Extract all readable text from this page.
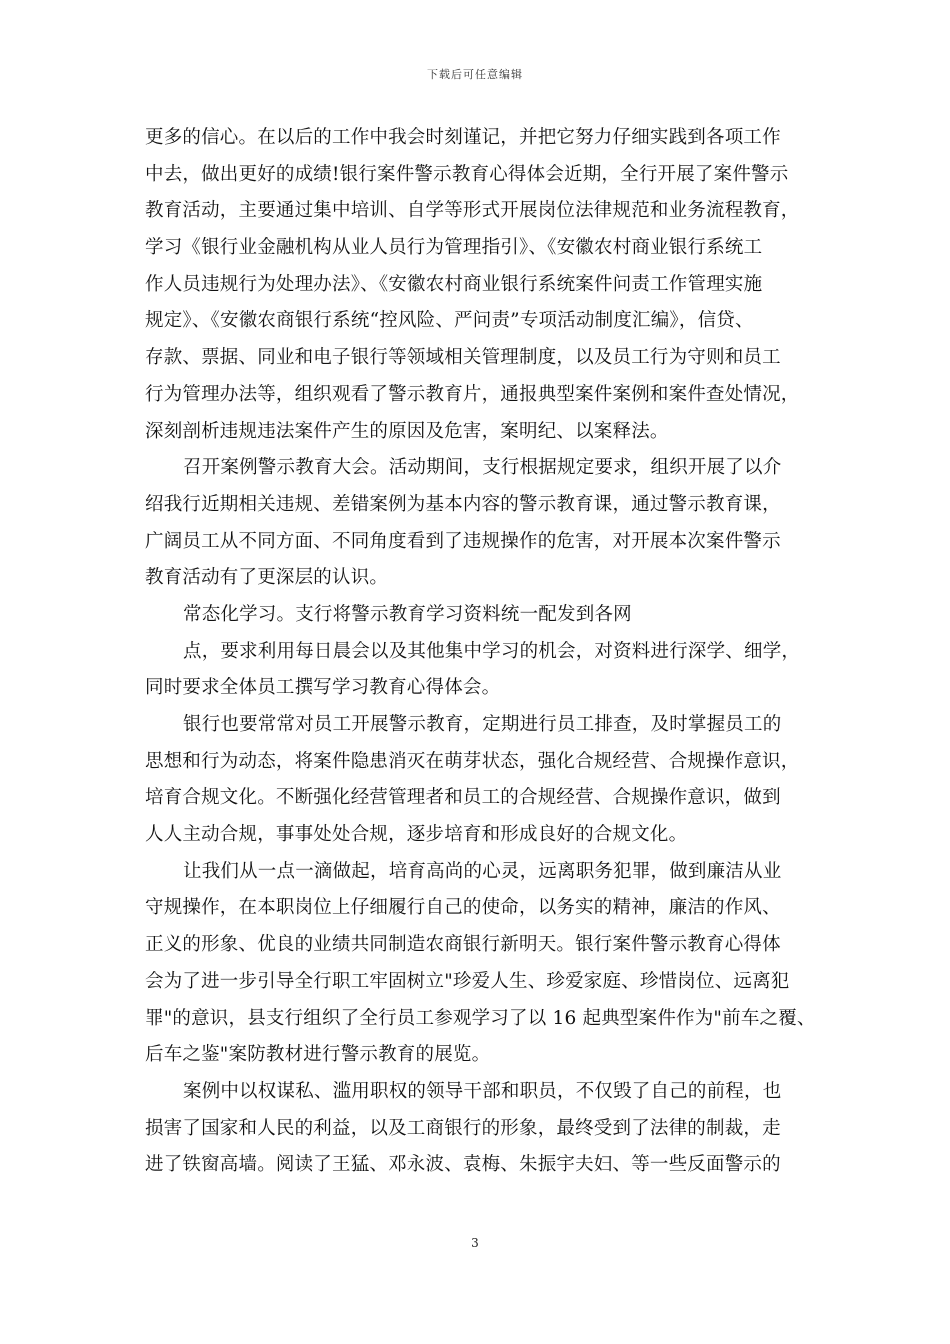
下载后可任意编辑
更多的信心。在以后的工作中我会时刻谨记，并把它努力仔细实践到各项工作
中去，做出更好的成绩!银行案件警示教育心得体会近期，全行开展了案件警示
教育活动，主要通过集中培训、自学等形式开展岗位法律规范和业务流程教育，
学习《银行业金融机构从业人员行为管理指引》、《安徽农村商业银行系统工
作人员违规行为处理办法》、《安徽农村商业银行系统案件问责工作管理实施
规定》、《安徽农商银行系统“控风险、严问责”专项活动制度汇编》，信贷、
存款、票据、同业和电子银行等领域相关管理制度，以及员工行为守则和员工
行为管理办法等，组织观看了警示教育片，通报典型案件案例和案件查处情况，
深刻剖析违规违法案件产生的原因及危害，案明纪、以案释法。
召开案例警示教育大会。活动期间，支行根据规定要求，组织开展了以介
绍我行近期相关违规、差错案例为基本内容的警示教育课，通过警示教育课，
广阔员工从不同方面、不同角度看到了违规操作的危害，对开展本次案件警示
教育活动有了更深层的认识。
常态化学习。支行将警示教育学习资料统一配发到各网
点，要求利用每日晨会以及其他集中学习的机会，对资料进行深学、细学，
同时要求全体员工撰写学习教育心得体会。
银行也要常常对员工开展警示教育，定期进行员工排查，及时掌握员工的
思想和行为动态，将案件隐患消灭在萌芽状态，强化合规经营、合规操作意识，
培育合规文化。不断强化经营管理者和员工的合规经营、合规操作意识，做到
人人主动合规，事事处处合规，逐步培育和形成良好的合规文化。
让我们从一点一滴做起，培育高尚的心灵，远离职务犯罪，做到廉洁从业
守规操作，在本职岗位上仔细履行自己的使命，以务实的精神，廉洁的作风、
正义的形象、优良的业绩共同制造农商银行新明天。银行案件警示教育心得体
会为了进一步引导全行职工牢固树立"珍爱人生、珍爱家庭、珍惜岗位、远离犯
罪"的意识，县支行组织了全行员工参观学习了以 16 起典型案件作为"前车之覆、
后车之鉴"案防教材进行警示教育的展览。
案例中以权谋私、滥用职权的领导干部和职员，不仅毁了自己的前程，也
损害了国家和人民的利益，以及工商银行的形象，最终受到了法律的制裁，走
进了铁窗高墙。阅读了王猛、邓永波、袁梅、朱振宇夫妇、等一些反面警示的
3
